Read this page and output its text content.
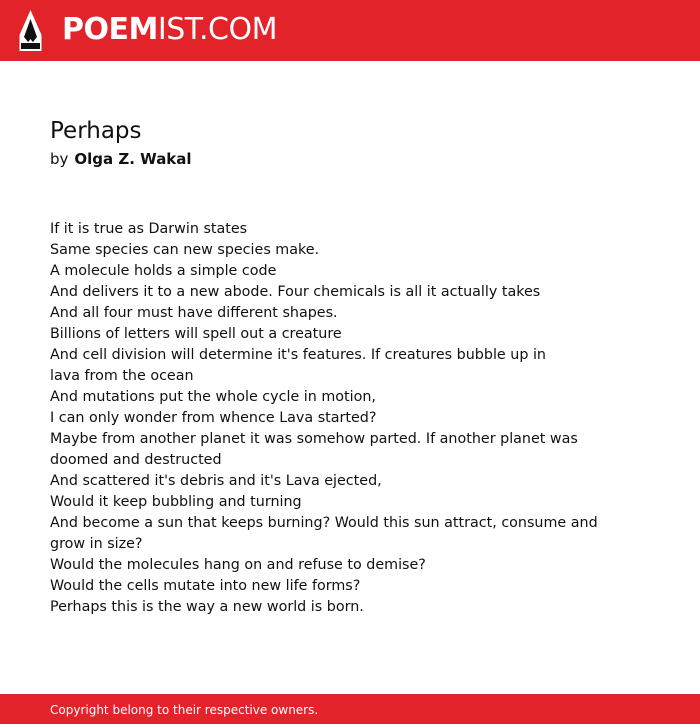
POEMIST.COM
Perhaps
by Olga Z. Wakal
If it is true as Darwin states
Same species can new species make.
A molecule holds a simple code
And delivers it to a new abode. Four chemicals is all it actually takes
And all four must have different shapes.
Billions of letters will spell out a creature
And cell division will determine it's features. If creatures bubble up in
lava from the ocean
And mutations put the whole cycle in motion,
I can only wonder from whence Lava started?
Maybe from another planet it was somehow parted. If another planet was
doomed and destructed
And scattered it's debris and it's Lava ejected,
Would it keep bubbling and turning
And become a sun that keeps burning? Would this sun attract, consume and
grow in size?
Would the molecules hang on and refuse to demise?
Would the cells mutate into new life forms?
Perhaps this is the way a new world is born.
Copyright belong to their respective owners.
